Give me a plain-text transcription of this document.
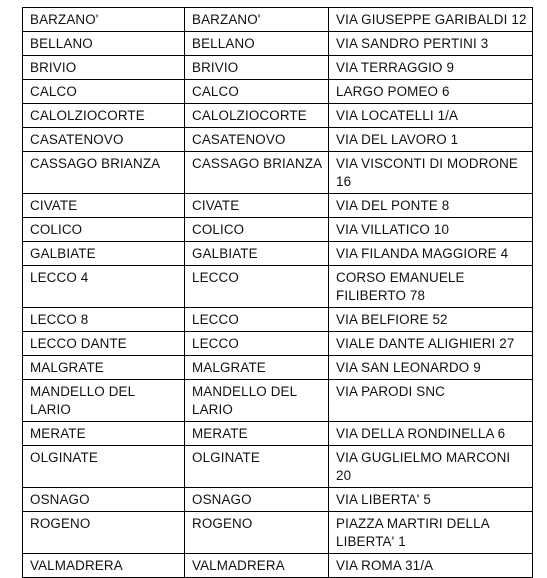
BARZANO'	BARZANO'	VIA GIUSEPPE GARIBALDI 12
BELLANO	BELLANO	VIA SANDRO PERTINI 3
BRIVIO	BRIVIO	VIA TERRAGGIO 9
CALCO	CALCO	LARGO POMEO 6
CALOLZIOCORTE	CALOLZIOCORTE	VIA LOCATELLI 1/A
CASATENOVO	CASATENOVO	VIA DEL LAVORO 1
CASSAGO BRIANZA	CASSAGO BRIANZA	VIA VISCONTI DI MODRONE 16
CIVATE	CIVATE	VIA DEL PONTE 8
COLICO	COLICO	VIA VILLATICO 10
GALBIATE	GALBIATE	VIA FILANDA MAGGIORE 4
LECCO 4	LECCO	CORSO EMANUELE FILIBERTO 78
LECCO 8	LECCO	VIA BELFIORE 52
LECCO DANTE	LECCO	VIALE DANTE ALIGHIERI 27
MALGRATE	MALGRATE	VIA SAN LEONARDO 9
MANDELLO DEL LARIO	MANDELLO DEL LARIO	VIA PARODI SNC
MERATE	MERATE	VIA DELLA RONDINELLA 6
OLGINATE	OLGINATE	VIA GUGLIELMO MARCONI 20
OSNAGO	OSNAGO	VIA LIBERTA' 5
ROGENO	ROGENO	PIAZZA MARTIRI DELLA LIBERTA' 1
VALMADRERA	VALMADRERA	VIA ROMA 31/A
